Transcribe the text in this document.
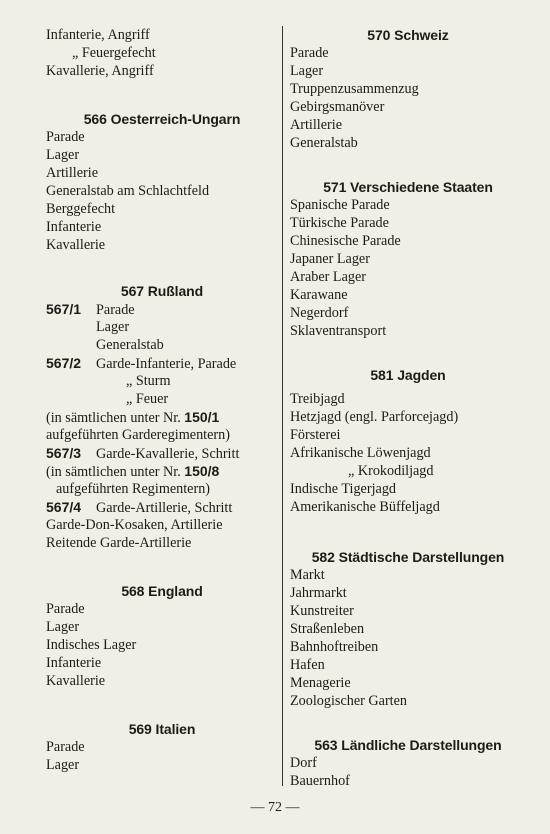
Infanterie, Angriff
„ Feuergefecht
Kavallerie, Angriff
566 Oesterreich-Ungarn
Parade
Lager
Artillerie
Generalstab am Schlachtfeld
Berggefecht
Infanterie
Kavallerie
567 Rußland
567/1 Parade
Lager
Generalstab
567/2 Garde-Infanterie, Parade
„ Sturm
„ Feuer
(in sämtlichen unter Nr. 150/1
aufgeführten Garderegimentern)
567/3 Garde-Kavallerie, Schritt
(in sämtlichen unter Nr. 150/8
aufgeführten Regimentern)
567/4 Garde-Artillerie, Schritt
Garde-Don-Kosaken, Artillerie
Reitende Garde-Artillerie
568 England
Parade
Lager
Indisches Lager
Infanterie
Kavallerie
569 Italien
Parade
Lager
570 Schweiz
Parade
Lager
Truppenzusammenzug
Gebirgsmanöver
Artillerie
Generalstab
571 Verschiedene Staaten
Spanische Parade
Türkische Parade
Chinesische Parade
Japaner Lager
Araber Lager
Karawane
Negerdorf
Sklaventransport
581 Jagden
Treibjagd
Hetzjagd (engl. Parforcejagd)
Försterei
Afrikanische Löwenjagd
„ Krokodiljagd
Indische Tigerjagd
Amerikanische Büffeljagd
582 Städtische Darstellungen
Markt
Jahrmarkt
Kunstreiter
Straßenleben
Bahnhoftreiben
Hafen
Menagerie
Zoologischer Garten
563 Ländliche Darstellungen
Dorf
Bauernhof
— 72 —
